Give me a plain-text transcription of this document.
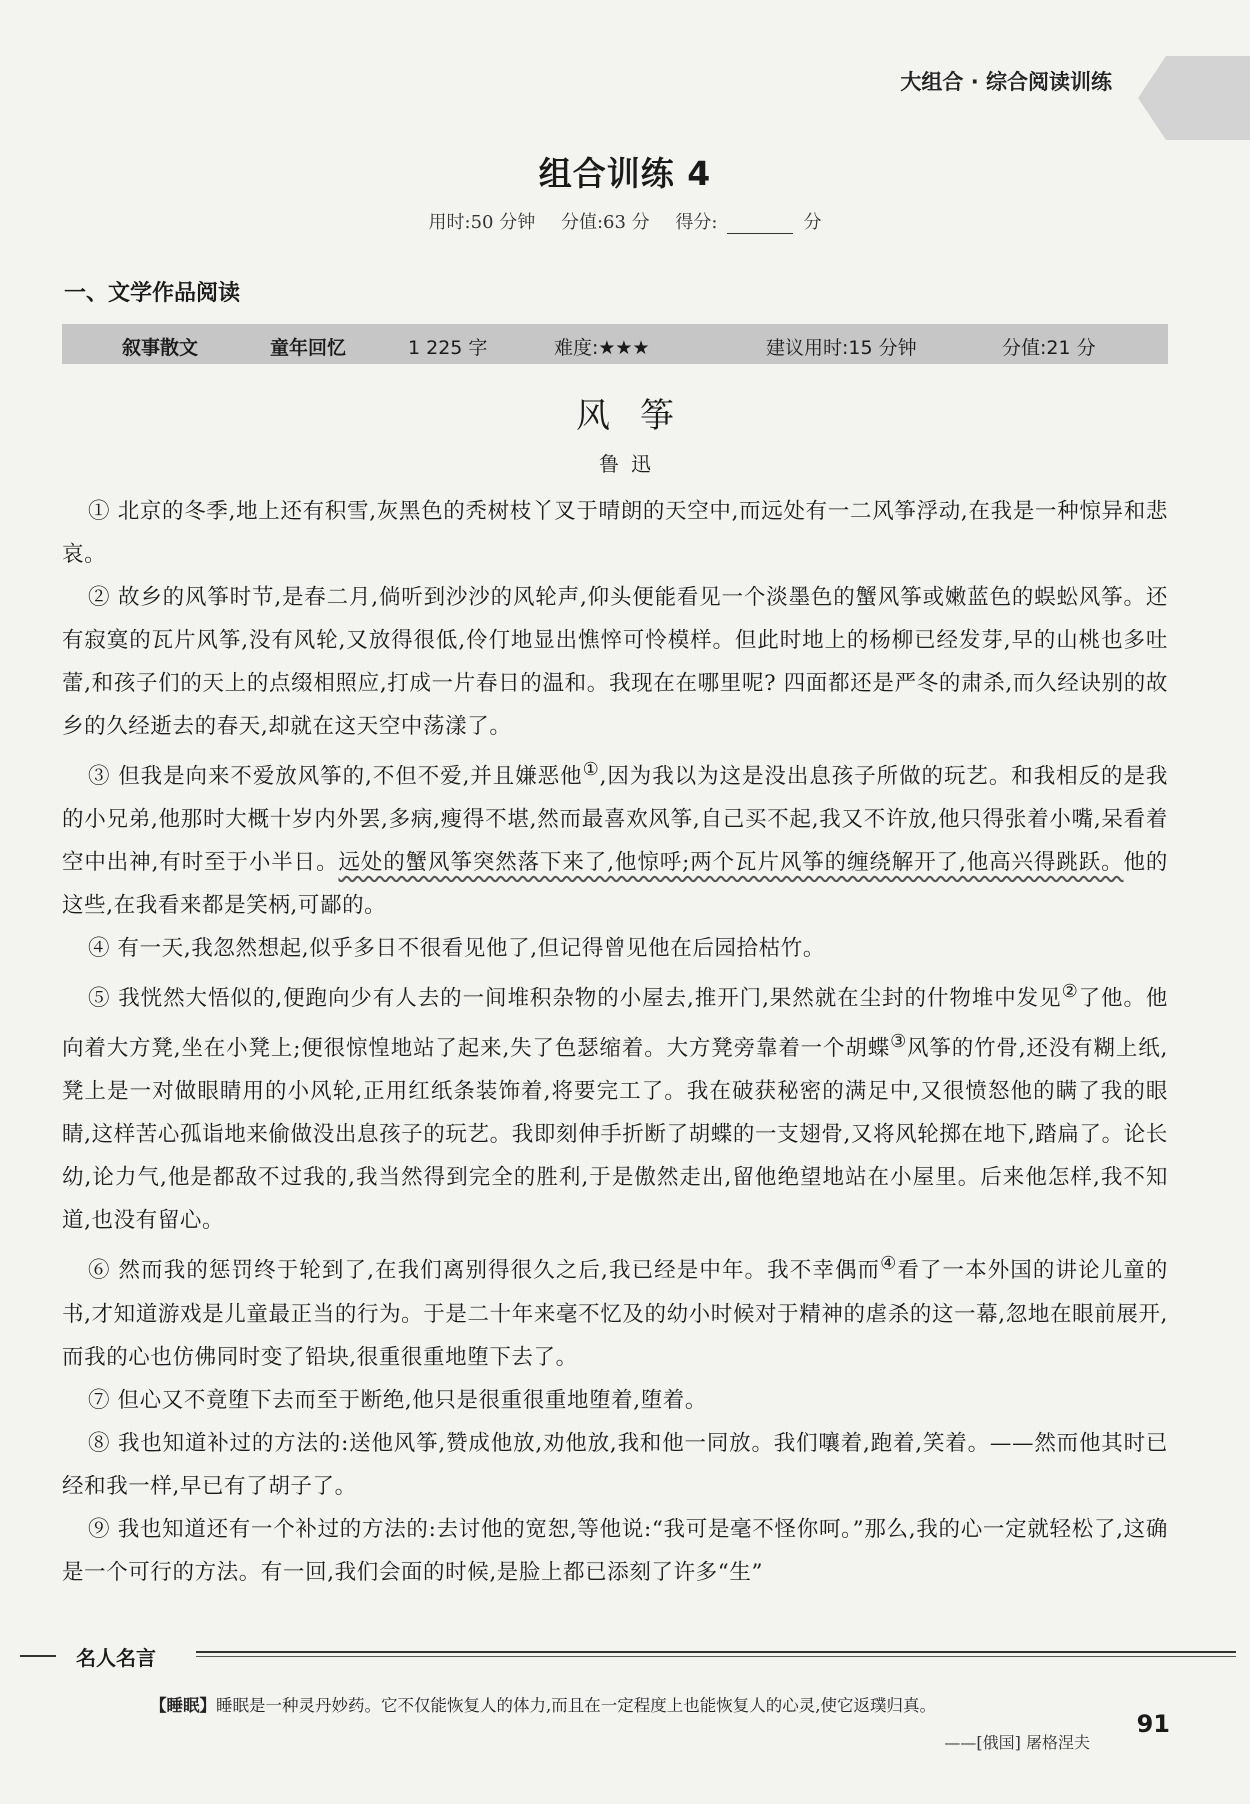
大组合 · 综合阅读训练
组合训练 4
用时:50 分钟 分值:63 分 得分:	分
一、文学作品阅读
叙事散文	童年回忆	1 225 字	难度:★★★	建议用时:15 分钟	分值:21 分
风筝
鲁迅

① 北京的冬季,地上还有积雪,灰黑色的秃树枝丫叉于晴朗的天空中,而远处有一二风筝浮动,在我是一种惊异和悲哀。

② 故乡的风筝时节,是春二月,倘听到沙沙的风轮声,仰头便能看见一个淡墨色的蟹风筝或嫩蓝色的蜈蚣风筝。还有寂寞的瓦片风筝,没有风轮,又放得很低,伶仃地显出憔悴可怜模样。但此时地上的杨柳已经发芽,早的山桃也多吐蕾,和孩子们的天上的点缀相照应,打成一片春日的温和。我现在在哪里呢? 四面都还是严冬的肃杀,而久经诀别的故乡的久经逝去的春天,却就在这天空中荡漾了。

③ 但我是向来不爱放风筝的,不但不爱,并且嫌恶他①,因为我以为这是没出息孩子所做的玩艺。和我相反的是我的小兄弟,他那时大概十岁内外罢,多病,瘦得不堪,然而最喜欢风筝,自己买不起,我又不许放,他只得张着小嘴,呆看着空中出神,有时至于小半日。远处的蟹风筝突然落下来了,他惊呼;两个瓦片风筝的缠绕解开了,他高兴得跳跃。他的这些,在我看来都是笑柄,可鄙的。

④ 有一天,我忽然想起,似乎多日不很看见他了,但记得曾见他在后园拾枯竹。

⑤ 我恍然大悟似的,便跑向少有人去的一间堆积杂物的小屋去,推开门,果然就在尘封的什物堆中发见②了他。他向着大方凳,坐在小凳上;便很惊惶地站了起来,失了色瑟缩着。大方凳旁靠着一个胡蝶③风筝的竹骨,还没有糊上纸,凳上是一对做眼睛用的小风轮,正用红纸条装饰着,将要完工了。我在破获秘密的满足中,又很愤怒他的瞒了我的眼睛,这样苦心孤诣地来偷做没出息孩子的玩艺。我即刻伸手折断了胡蝶的一支翅骨,又将风轮掷在地下,踏扁了。论长幼,论力气,他是都敌不过我的,我当然得到完全的胜利,于是傲然走出,留他绝望地站在小屋里。后来他怎样,我不知道,也没有留心。

⑥ 然而我的惩罚终于轮到了,在我们离别得很久之后,我已经是中年。我不幸偶而④看了一本外国的讲论儿童的书,才知道游戏是儿童最正当的行为。于是二十年来毫不忆及的幼小时候对于精神的虐杀的这一幕,忽地在眼前展开,而我的心也仿佛同时变了铅块,很重很重地堕下去了。

⑦ 但心又不竟堕下去而至于断绝,他只是很重很重地堕着,堕着。

⑧ 我也知道补过的方法的:送他风筝,赞成他放,劝他放,我和他一同放。我们嚷着,跑着,笑着。——然而他其时已经和我一样,早已有了胡子了。

⑨ 我也知道还有一个补过的方法的:去讨他的宽恕,等他说:“我可是毫不怪你呵。”那么,我的心一定就轻松了,这确是一个可行的方法。有一回,我们会面的时候,是脸上都已添刻了许多“生”

名人名言
【睡眠】睡眠是一种灵丹妙药。它不仅能恢复人的体力,而且在一定程度上也能恢复人的心灵,使它返璞归真。
——[俄国] 屠格涅夫
91
